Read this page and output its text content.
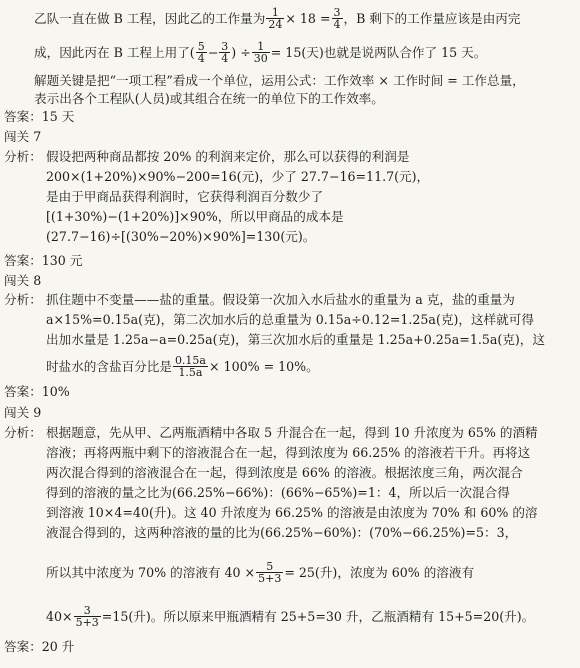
乙队一直在做 B 工程，因此乙的工作量为 $\frac{1}{24} \times 18 = \frac{3}{4}$ ，B 剩下的工作量应该是由丙完
成，因此丙在 B 工程上用了( $\frac{5}{4} - \frac{3}{4}$ ) ÷ $\frac{1}{30} = 15$(天)也就是说两队合作了 15 天。
解题关键是把“一项工程”看成一个单位，运用公式：工作效率 × 工作时间 = 工作总量，
表示出各个工程队(人员)或其组合在统一的单位下的工作效率。
答案：15 天
闯关 7
分析： 假设把两种商品都按 20% 的利润来定价，那么可以获得的利润是
200×(1+20%)×90%−200=16(元)，少了 27.7−16=11.7(元)，
是由于甲商品获得利润时，它获得利润百分数少了
[(1+30%)−(1+20%)]×90%，所以甲商品的成本是
(27.7−16)÷[(30%−20%)×90%]=130(元)。
答案：130 元
闯关 8
分析： 抓住题中不变量——盐的重量。假设第一次加入水后盐水的重量为 a 克，盐的重量为
a×15%=0.15a(克)，第二次加水后的总重量为 0.15a÷0.12=1.25a(克)，这样就可得
出加水量是 1.25a−a=0.25a(克)，第三次加水后的重量是 1.25a+0.25a=1.5a(克)，这
时盐水的含盐百分比是 $\frac{0.15a}{1.5a} \times 100\% = 10\%$。
答案：10%
闯关 9
分析： 根据题意，先从甲、乙两瓶酒精中各取 5 升混合在一起，得到 10 升浓度为 65% 的酒精
溶液；再将两瓶中剩下的溶液混合在一起，得到浓度为 66.25% 的溶液若干升。再将这
两次混合得到的溶液混合在一起，得到浓度是 66% 的溶液。根据浓度三角，两次混合
得到的溶液的量之比为(66.25%−66%)：(66%−65%)=1：4，所以后一次混合得
到溶液 10×4=40(升)。这 40 升浓度为 66.25% 的溶液是由浓度为 70% 和 60% 的溶
液混合得到的，这两种溶液的量的比为(66.25%−60%)：(70%−66.25%)=5：3，
所以其中浓度为 70% 的溶液有 $40 \times \frac{5}{5+3} = 25$(升)，浓度为 60% 的溶液有
$40\times \frac{3}{5+3} =15$(升)。所以原来甲瓶酒精有 25+5=30 升，乙瓶酒精有 15+5=20(升)。
答案：20 升
